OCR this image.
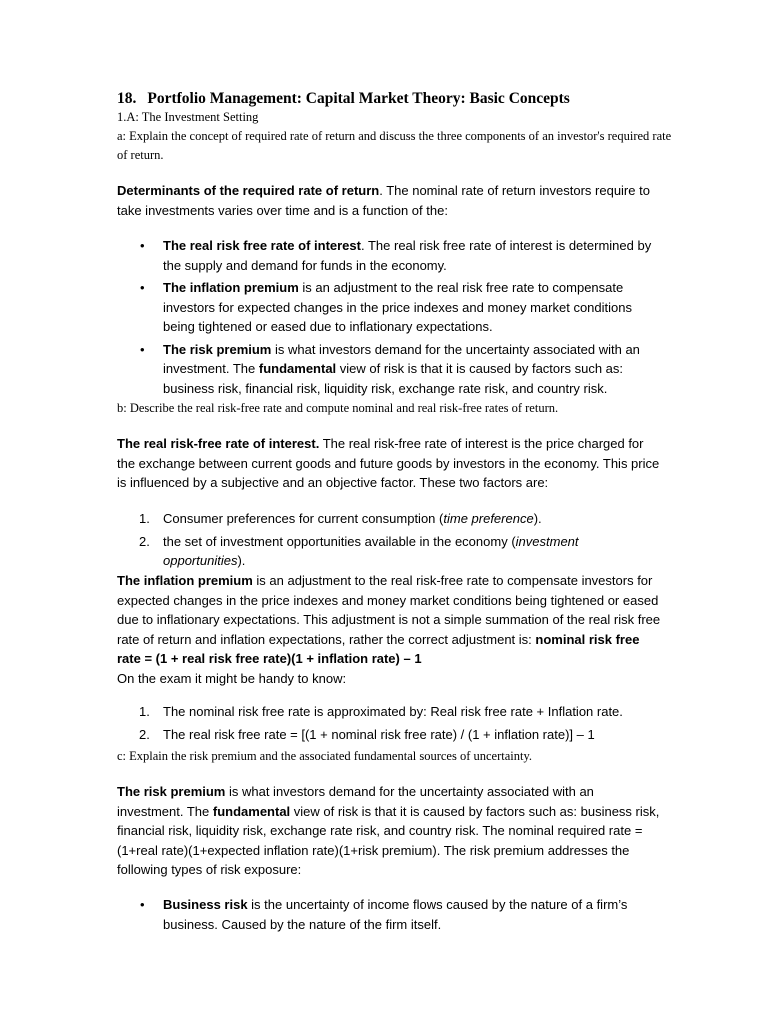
18. Portfolio Management: Capital Market Theory: Basic Concepts
1.A: The Investment Setting
a: Explain the concept of required rate of return and discuss the three components of an investor's required rate of return.
Determinants of the required rate of return. The nominal rate of return investors require to take investments varies over time and is a function of the:
• The real risk free rate of interest. The real risk free rate of interest is determined by the supply and demand for funds in the economy.
• The inflation premium is an adjustment to the real risk free rate to compensate investors for expected changes in the price indexes and money market conditions being tightened or eased due to inflationary expectations.
• The risk premium is what investors demand for the uncertainty associated with an investment. The fundamental view of risk is that it is caused by factors such as: business risk, financial risk, liquidity risk, exchange rate risk, and country risk.
b: Describe the real risk-free rate and compute nominal and real risk-free rates of return.
The real risk-free rate of interest. The real risk-free rate of interest is the price charged for the exchange between current goods and future goods by investors in the economy. This price is influenced by a subjective and an objective factor. These two factors are:
1. Consumer preferences for current consumption (time preference).
2. the set of investment opportunities available in the economy (investment opportunities).
The inflation premium is an adjustment to the real risk-free rate to compensate investors for expected changes in the price indexes and money market conditions being tightened or eased due to inflationary expectations. This adjustment is not a simple summation of the real risk free rate of return and inflation expectations, rather the correct adjustment is: nominal risk free rate = (1 + real risk free rate)(1 + inflation rate) – 1
On the exam it might be handy to know:
1. The nominal risk free rate is approximated by: Real risk free rate + Inflation rate.
2. The real risk free rate = [(1 + nominal risk free rate) / (1 + inflation rate)] – 1
c: Explain the risk premium and the associated fundamental sources of uncertainty.
The risk premium is what investors demand for the uncertainty associated with an investment. The fundamental view of risk is that it is caused by factors such as: business risk, financial risk, liquidity risk, exchange rate risk, and country risk. The nominal required rate = (1+real rate)(1+expected inflation rate)(1+risk premium). The risk premium addresses the following types of risk exposure:
• Business risk is the uncertainty of income flows caused by the nature of a firm’s business. Caused by the nature of the firm itself.
